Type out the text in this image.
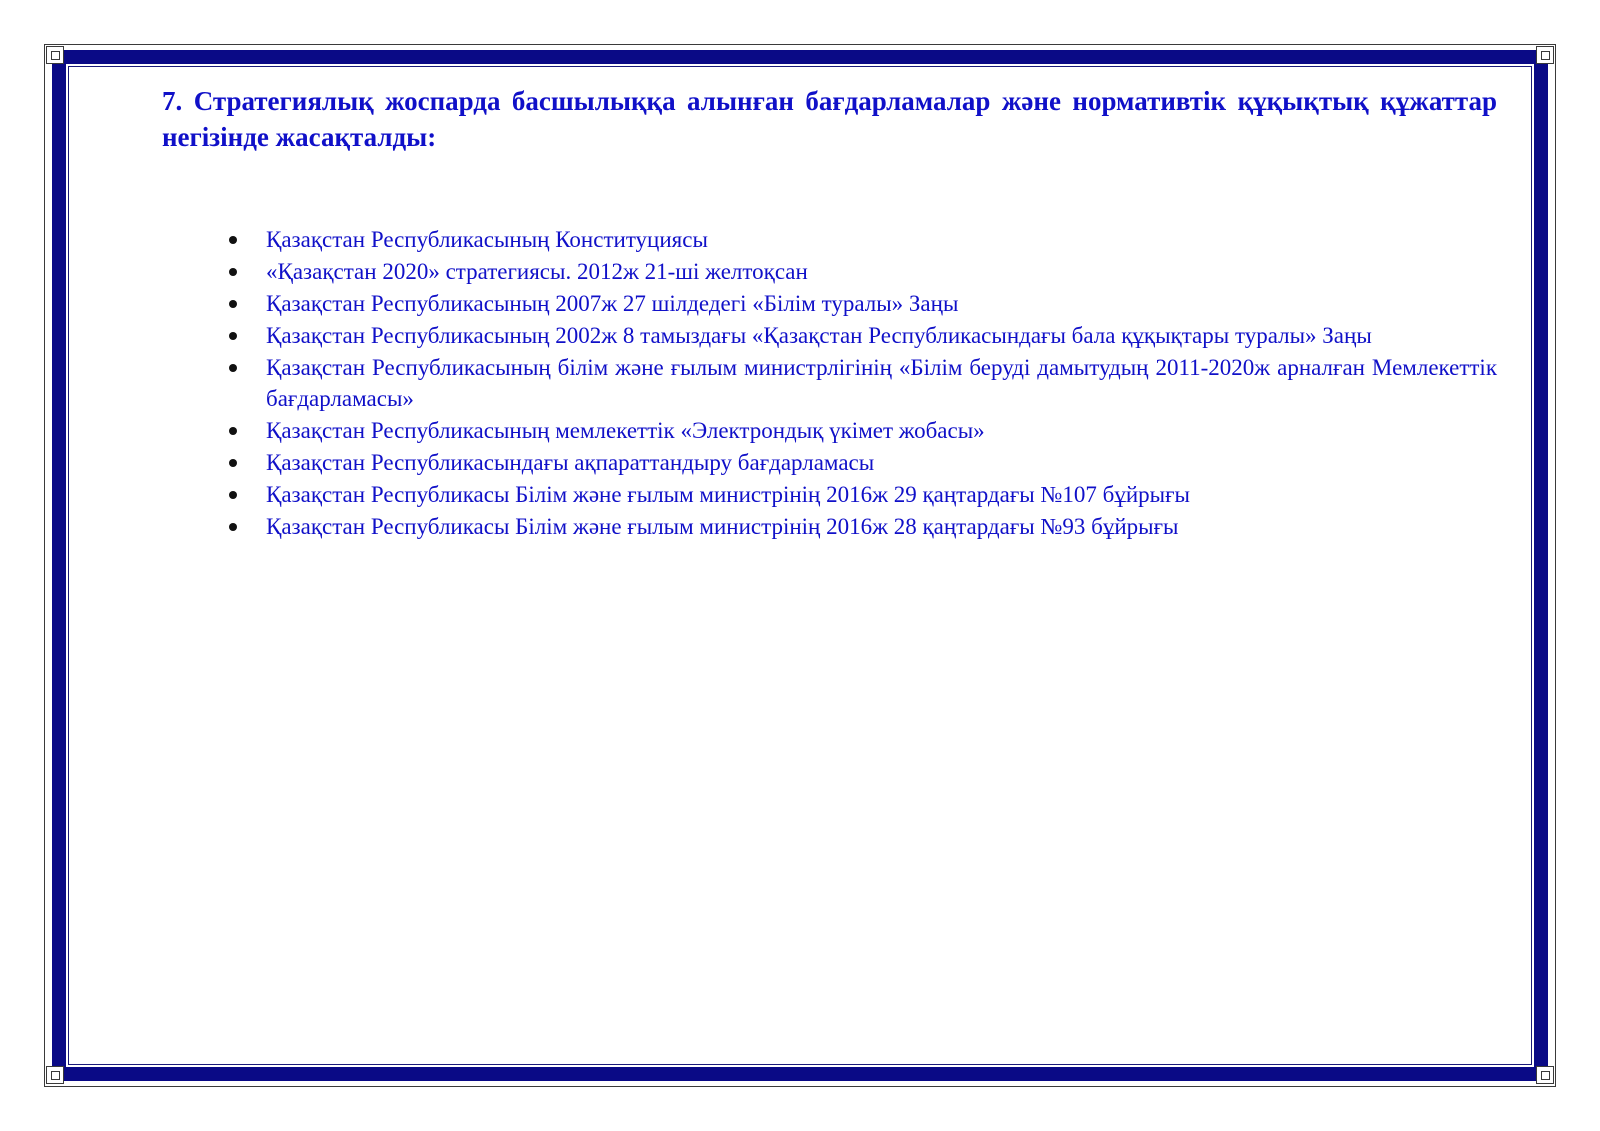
7. Стратегиялық жоспарда басшылыққа алынған бағдарламалар және нормативтік құқықтық құжаттар негізінде жасақталды:
Қазақстан Республикасының Конституциясы
«Қазақстан 2020» стратегиясы. 2012ж 21-ші желтоқсан
Қазақстан Республикасының 2007ж 27 шілдедегі «Білім туралы» Заңы
Қазақстан Республикасының 2002ж 8 тамыздағы «Қазақстан Республикасындағы бала құқықтары туралы» Заңы
Қазақстан Республикасының білім және ғылым министрлігінің «Білім беруді дамытудың 2011-2020ж арналған Мемлекеттік бағдарламасы»
Қазақстан Республикасының мемлекеттік «Электрондық үкімет жобасы»
Қазақстан Республикасындағы ақпараттандыру бағдарламасы
Қазақстан Республикасы Білім және ғылым министрінің 2016ж 29 қаңтардағы №107 бұйрығы
Қазақстан Республикасы Білім және ғылым министрінің 2016ж 28 қаңтардағы №93 бұйрығы
